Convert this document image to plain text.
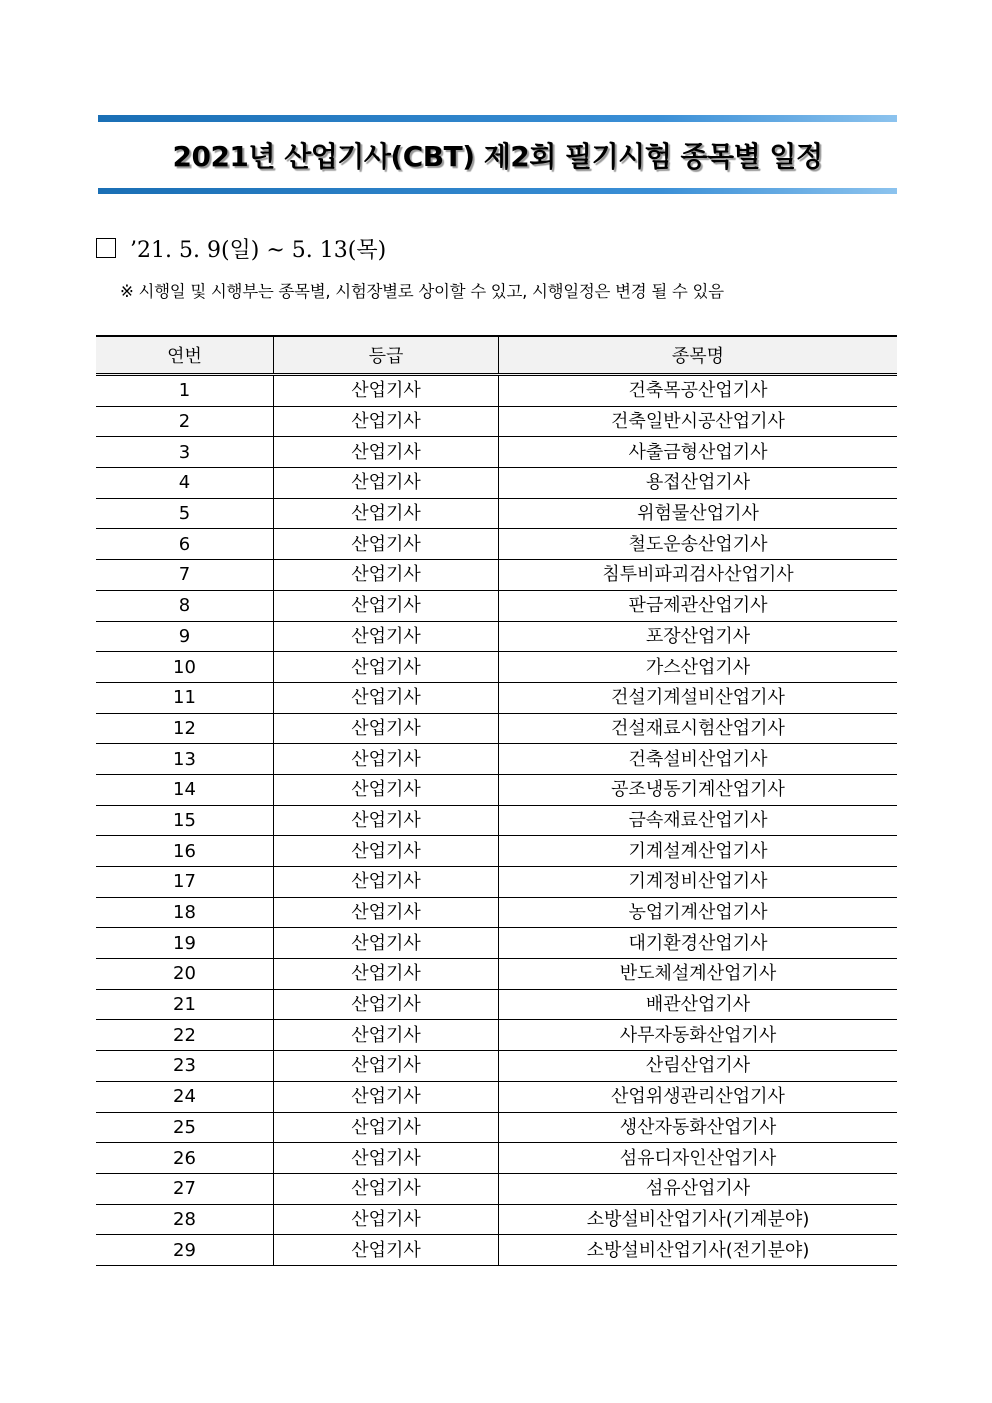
2021년 산업기사(CBT) 제2회 필기시험 종목별 일정
’21. 5. 9(일) ~ 5. 13(목)
※ 시행일 및 시행부는 종목별, 시험장별로 상이할 수 있고, 시행일정은 변경 될 수 있음
연번	등급	종목명
1	산업기사	건축목공산업기사
2	산업기사	건축일반시공산업기사
3	산업기사	사출금형산업기사
4	산업기사	용접산업기사
5	산업기사	위험물산업기사
6	산업기사	철도운송산업기사
7	산업기사	침투비파괴검사산업기사
8	산업기사	판금제관산업기사
9	산업기사	포장산업기사
10	산업기사	가스산업기사
11	산업기사	건설기계설비산업기사
12	산업기사	건설재료시험산업기사
13	산업기사	건축설비산업기사
14	산업기사	공조냉동기계산업기사
15	산업기사	금속재료산업기사
16	산업기사	기계설계산업기사
17	산업기사	기계정비산업기사
18	산업기사	농업기계산업기사
19	산업기사	대기환경산업기사
20	산업기사	반도체설계산업기사
21	산업기사	배관산업기사
22	산업기사	사무자동화산업기사
23	산업기사	산림산업기사
24	산업기사	산업위생관리산업기사
25	산업기사	생산자동화산업기사
26	산업기사	섬유디자인산업기사
27	산업기사	섬유산업기사
28	산업기사	소방설비산업기사(기계분야)
29	산업기사	소방설비산업기사(전기분야)
